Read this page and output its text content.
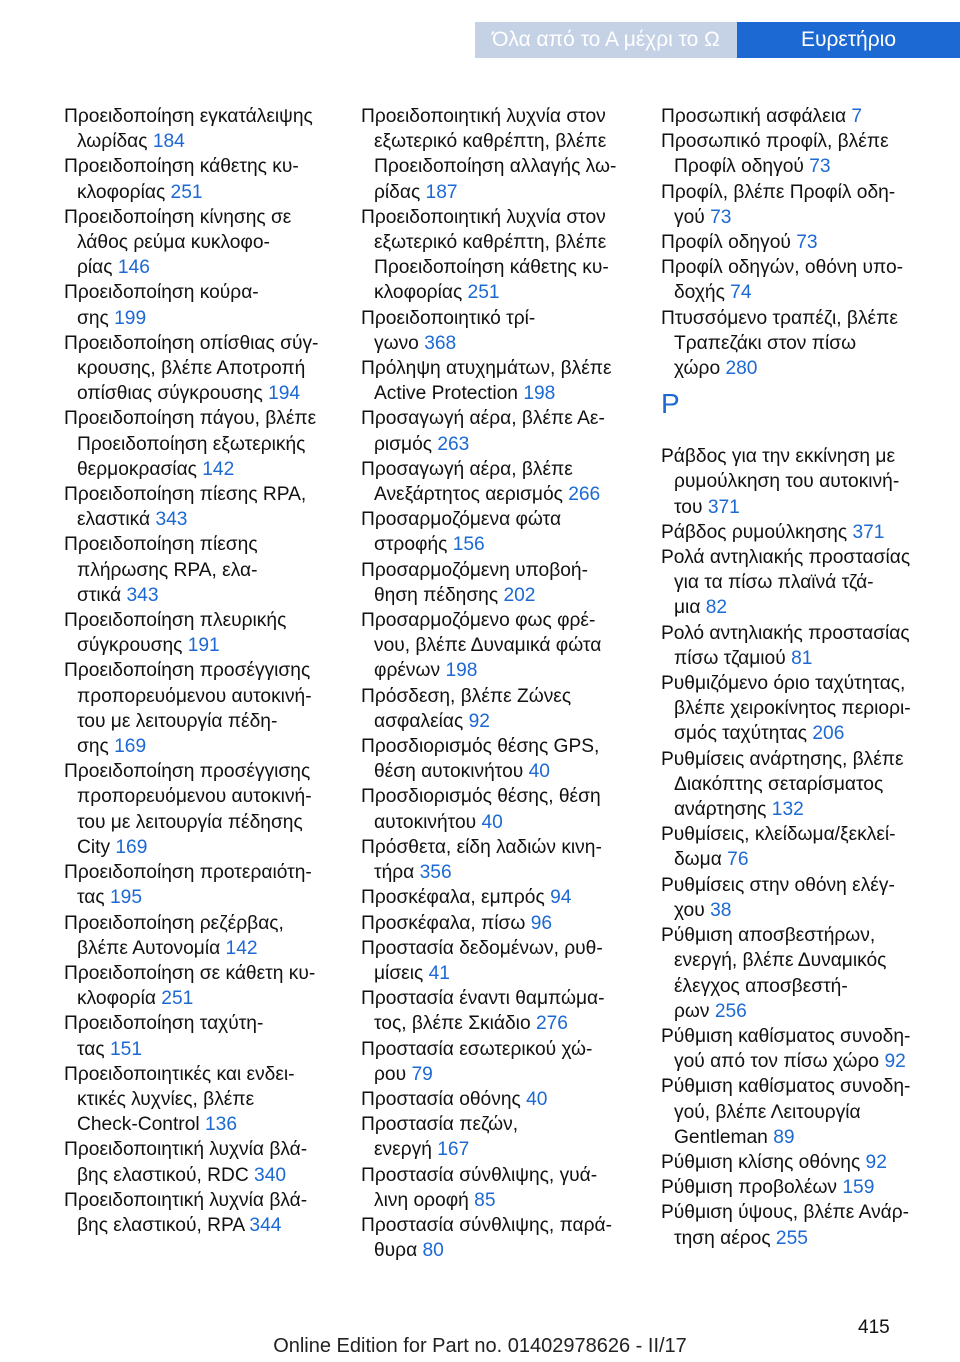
Όλα από το Α μέχρι το Ω	Ευρετήριο
Προειδοποίηση εγκατάλειψης
λωρίδας 184
Προειδοποίηση κάθετης κυ‐
κλοφορίας 251
Προειδοποίηση κίνησης σε
λάθος ρεύμα κυκλοφο‐
ρίας 146
Προειδοποίηση κούρα‐
σης 199
Προειδοποίηση οπίσθιας σύγ‐
κρουσης, βλέπε Αποτροπή
οπίσθιας σύγκρουσης 194
Προειδοποίηση πάγου, βλέπε
Προειδοποίηση εξωτερικής
θερμοκρασίας 142
Προειδοποίηση πίεσης RPA,
ελαστικά 343
Προειδοποίηση πίεσης
πλήρωσης RPA, ελα‐
στικά 343
Προειδοποίηση πλευρικής
σύγκρουσης 191
Προειδοποίηση προσέγγισης
προπορευόμενου αυτοκινή‐
του με λειτουργία πέδη‐
σης 169
Προειδοποίηση προσέγγισης
προπορευόμενου αυτοκινή‐
του με λειτουργία πέδησης
City 169
Προειδοποίηση προτεραιότη‐
τας 195
Προειδοποίηση ρεζέρβας,
βλέπε Αυτονομία 142
Προειδοποίηση σε κάθετη κυ‐
κλοφορία 251
Προειδοποίηση ταχύτη‐
τας 151
Προειδοποιητικές και ενδει‐
κτικές λυχνίες, βλέπε
Check-Control 136
Προειδοποιητική λυχνία βλά‐
βης ελαστικού, RDC 340
Προειδοποιητική λυχνία βλά‐
βης ελαστικού, RPA 344
Προειδοποιητική λυχνία στον
εξωτερικό καθρέπτη, βλέπε
Προειδοποίηση αλλαγής λω‐
ρίδας 187
Προειδοποιητική λυχνία στον
εξωτερικό καθρέπτη, βλέπε
Προειδοποίηση κάθετης κυ‐
κλοφορίας 251
Προειδοποιητικό τρί‐
γωνο 368
Πρόληψη ατυχημάτων, βλέπε
Active Protection 198
Προσαγωγή αέρα, βλέπε Αε‐
ρισμός 263
Προσαγωγή αέρα, βλέπε
Ανεξάρτητος αερισμός 266
Προσαρμοζόμενα φώτα
στροφής 156
Προσαρμοζόμενη υποβοή‐
θηση πέδησης 202
Προσαρμοζόμενο φως φρέ‐
νου, βλέπε Δυναμικά φώτα
φρένων 198
Πρόσδεση, βλέπε Ζώνες
ασφαλείας 92
Προσδιορισμός θέσης GPS,
θέση αυτοκινήτου 40
Προσδιορισμός θέσης, θέση
αυτοκινήτου 40
Πρόσθετα, είδη λαδιών κινη‐
τήρα 356
Προσκέφαλα, εμπρός 94
Προσκέφαλα, πίσω 96
Προστασία δεδομένων, ρυθ‐
μίσεις 41
Προστασία έναντι θαμπώμα‐
τος, βλέπε Σκιάδιο 276
Προστασία εσωτερικού χώ‐
ρου 79
Προστασία οθόνης 40
Προστασία πεζών,
ενεργή 167
Προστασία σύνθλιψης, γυά‐
λινη οροφή 85
Προστασία σύνθλιψης, παρά‐
θυρα 80
Προσωπική ασφάλεια 7
Προσωπικό προφίλ, βλέπε
Προφίλ οδηγού 73
Προφίλ, βλέπε Προφίλ οδη‐
γού 73
Προφίλ οδηγού 73
Προφίλ οδηγών, οθόνη υπο‐
δοχής 74
Πτυσσόμενο τραπέζι, βλέπε
Τραπεζάκι στον πίσω
χώρο 280
Ρ
Ράβδος για την εκκίνηση με
ρυμούλκηση του αυτοκινή‐
του 371
Ράβδος ρυμούλκησης 371
Ρολά αντηλιακής προστασίας
για τα πίσω πλαϊνά τζά‐
μια 82
Ρολό αντηλιακής προστασίας
πίσω τζαμιού 81
Ρυθμιζόμενο όριο ταχύτητας,
βλέπε χειροκίνητος περιορι‐
σμός ταχύτητας 206
Ρυθμίσεις ανάρτησης, βλέπε
Διακόπτης σεταρίσματος
ανάρτησης 132
Ρυθμίσεις, κλείδωμα/ξεκλεί‐
δωμα 76
Ρυθμίσεις στην οθόνη ελέγ‐
χου 38
Ρύθμιση αποσβεστήρων,
ενεργή, βλέπε Δυναμικός
έλεγχος αποσβεστή‐
ρων 256
Ρύθμιση καθίσματος συνοδη‐
γού από τον πίσω χώρο 92
Ρύθμιση καθίσματος συνοδη‐
γού, βλέπε Λειτουργία
Gentleman 89
Ρύθμιση κλίσης οθόνης 92
Ρύθμιση προβολέων 159
Ρύθμιση ύψους, βλέπε Ανάρ‐
τηση αέρος 255
415
Online Edition for Part no. 01402978626 - II/17
